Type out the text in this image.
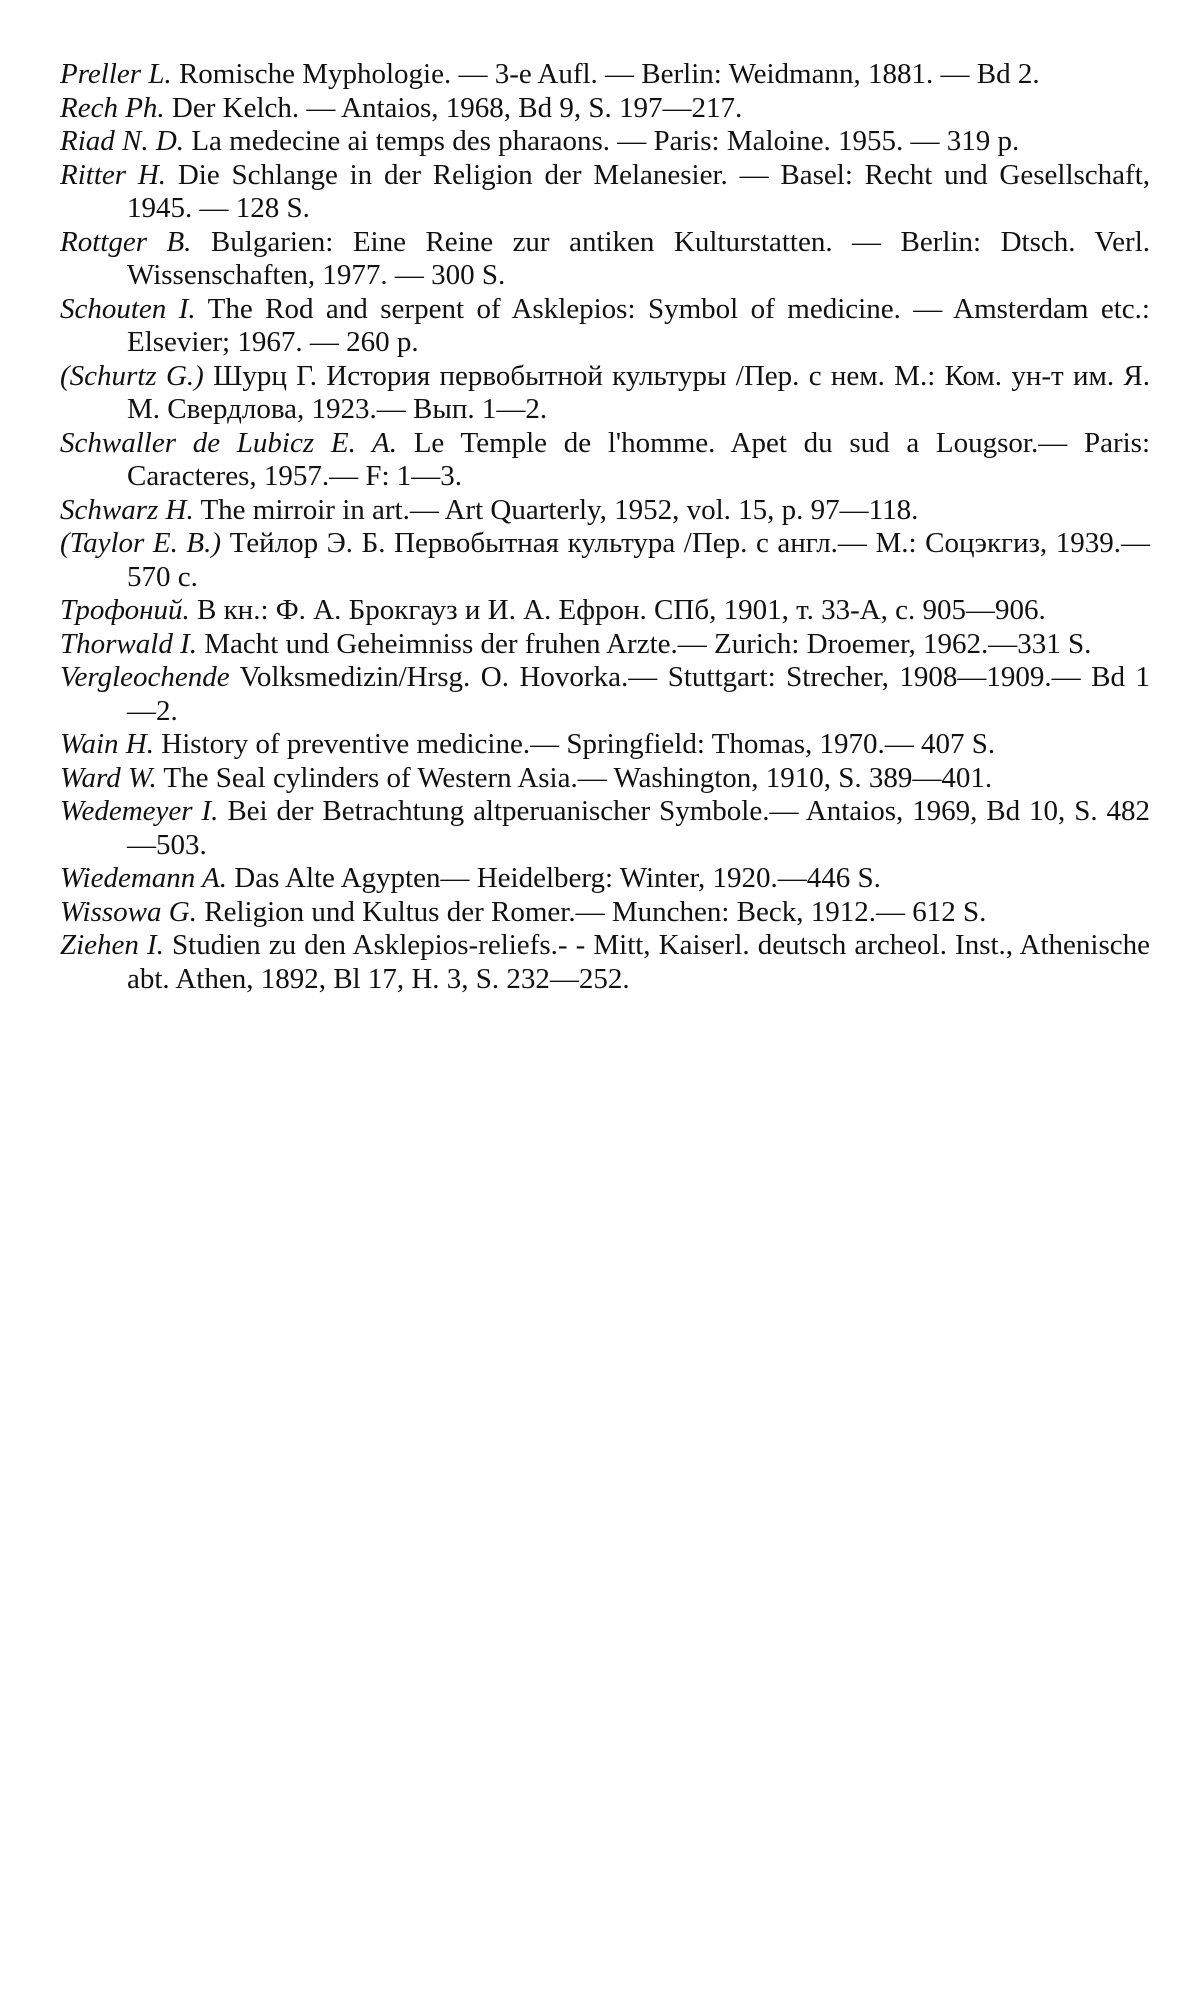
Preller L. Romische Myphologie. — 3-e Aufl. — Berlin: Weidmann, 1881. — Bd 2.
Rech Ph. Der Kelch. — Antaios, 1968, Bd 9, S. 197—217.
Riad N. D. La medecine ai temps des pharaons. — Paris: Maloine. 1955. — 319 p.
Ritter H. Die Schlange in der Religion der Melanesier. — Basel: Recht und Gesellschaft, 1945. — 128 S.
Rottger B. Bulgarien: Eine Reine zur antiken Kulturstatten. — Berlin: Dtsch. Verl. Wissenschaften, 1977. — 300 S.
Schouten I. The Rod and serpent of Asklepios: Symbol of medicine. — Amsterdam etc.: Elsevier; 1967. — 260 p.
(Schurtz G.) Шурц Г. История первобытной культуры /Пер. с нем. М.: Ком. ун-т им. Я. М. Свердлова, 1923.— Вып. 1—2.
Schwaller de Lubicz E. A. Le Temple de l'homme. Apet du sud a Lougsor.— Paris: Caracteres, 1957.— F: 1—3.
Schwarz H. The mirroir in art.— Art Quarterly, 1952, vol. 15, p. 97—118.
(Taylor E. B.) Тейлор Э. Б. Первобытная культура /Пер. с англ.— М.: Соцэкгиз, 1939.—570 с.
Трофоний. В кн.: Ф. А. Брокгауз и И. А. Ефрон. СПб, 1901, т. 33-А, с. 905—906.
Thorwald I. Macht und Geheimniss der fruhen Arzte.— Zurich: Droemer, 1962.—331 S.
Vergleochende Volksmedizin/Hrsg. O. Hovorka.— Stuttgart: Strecher, 1908—1909.— Bd 1—2.
Wain H. History of preventive medicine.— Springfield: Thomas, 1970.— 407 S.
Ward W. The Seal cylinders of Western Asia.— Washington, 1910, S. 389—401.
Wedemeyer I. Bei der Betrachtung altperuanischer Symbole.— Antaios, 1969, Bd 10, S. 482—503.
Wiedemann A. Das Alte Agypten— Heidelberg: Winter, 1920.—446 S.
Wissowa G. Religion und Kultus der Romer.— Munchen: Beck, 1912.— 612 S.
Ziehen I. Studien zu den Asklepios-reliefs.- - Mitt, Kaiserl. deutsch archeol. Inst., Athenische abt. Athen, 1892, Bl 17, H. 3, S. 232—252.
